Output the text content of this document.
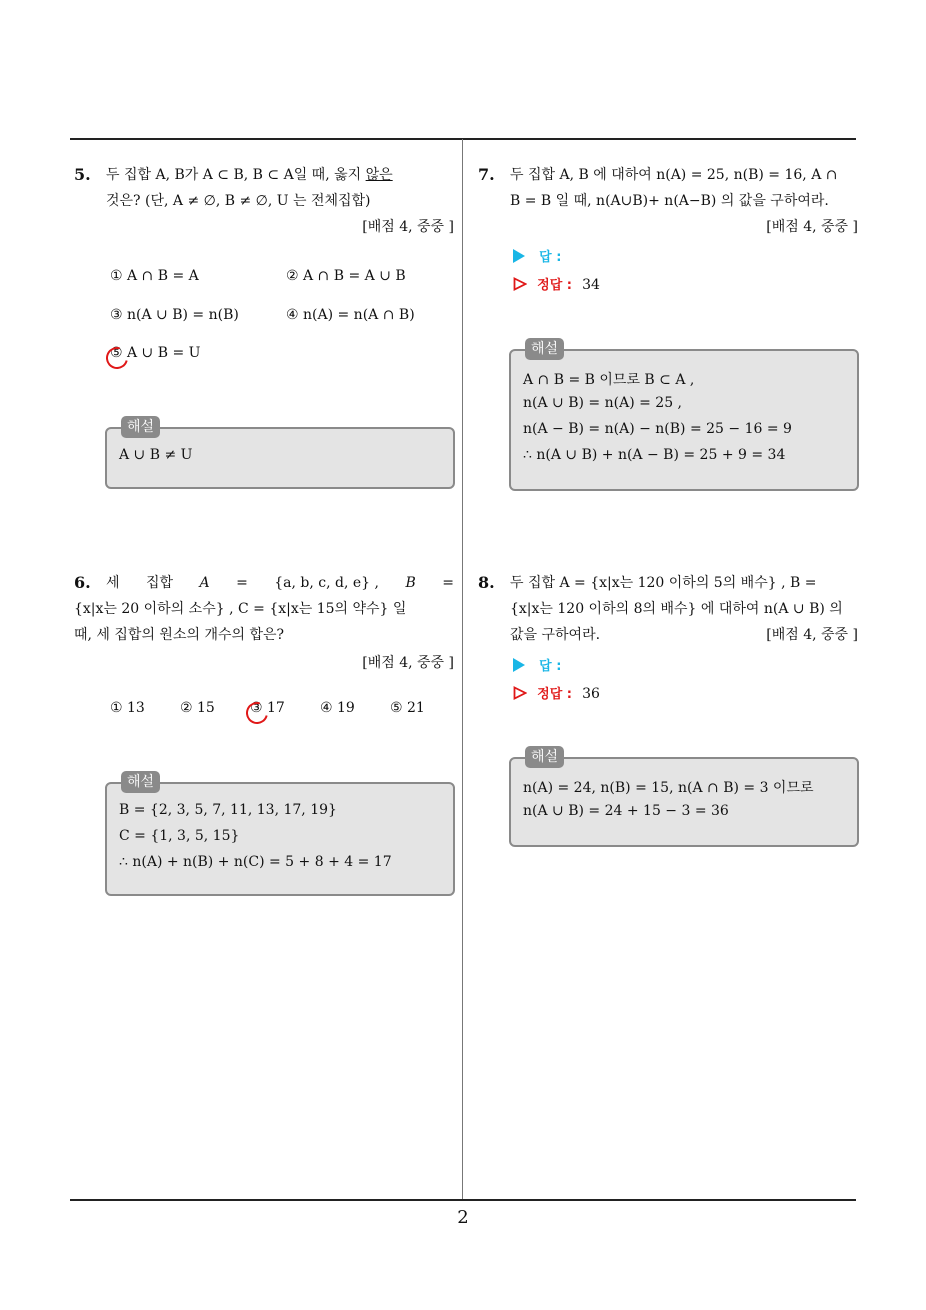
2
5. 두 집합 A, B가 A ⊂ B, B ⊂ A일 때, 옳지 않은
것은? (단, A ≠ ∅, B ≠ ∅, U 는 전체집합)
[배점 4, 중중 ]
① A ∩ B = A	② A ∩ B = A ∪ B
③ n(A ∪ B) = n(B)	④ n(A) = n(A ∩ B)
⑤ A ∪ B = U
해설
A ∪ B ≠ U
6. 세 집합 A = {a, b, c, d, e} , B =
{x|x는 20 이하의 소수} , C = {x|x는 15의 약수} 일
때, 세 집합의 원소의 개수의 합은?
[배점 4, 중중 ]
① 13	② 15	③ 17	④ 19	⑤ 21
해설
B = {2, 3, 5, 7, 11, 13, 17, 19}
C = {1, 3, 5, 15}
∴ n(A) + n(B) + n(C) = 5 + 8 + 4 = 17
7. 두 집합 A, B 에 대하여 n(A) = 25, n(B) = 16, A ∩
B = B 일 때, n(A∪B)+ n(A−B) 의 값을 구하여라.
[배점 4, 중중 ]
답 :
정답 : 34
해설
A ∩ B = B 이므로 B ⊂ A ,
n(A ∪ B) = n(A) = 25 ,
n(A − B) = n(A) − n(B) = 25 − 16 = 9
∴ n(A ∪ B) + n(A − B) = 25 + 9 = 34
8. 두 집합 A = {x|x는 120 이하의 5의 배수} , B =
{x|x는 120 이하의 8의 배수} 에 대하여 n(A ∪ B) 의
값을 구하여라.	[배점 4, 중중 ]
답 :
정답 : 36
해설
n(A) = 24, n(B) = 15, n(A ∩ B) = 3 이므로
n(A ∪ B) = 24 + 15 − 3 = 36
